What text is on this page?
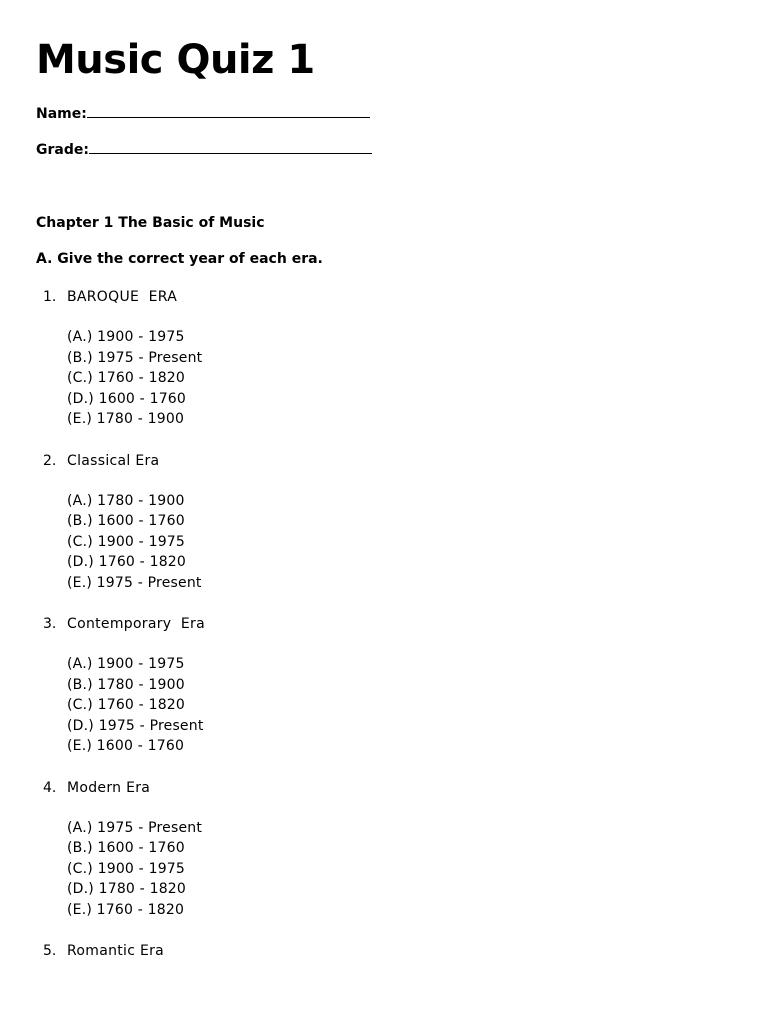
Music Quiz 1
Name:
Grade:
Chapter 1 The Basic of Music
A. Give the correct year of each era.
1. BAROQUE  ERA
(A.) 1900 - 1975
(B.) 1975 - Present
(C.) 1760 - 1820
(D.) 1600 - 1760
(E.) 1780 - 1900
2. Classical Era
(A.) 1780 - 1900
(B.) 1600 - 1760
(C.) 1900 - 1975
(D.) 1760 - 1820
(E.) 1975 - Present
3. Contemporary  Era
(A.) 1900 - 1975
(B.) 1780 - 1900
(C.) 1760 - 1820
(D.) 1975 - Present
(E.) 1600 - 1760
4. Modern Era
(A.) 1975 - Present
(B.) 1600 - 1760
(C.) 1900 - 1975
(D.) 1780 - 1820
(E.) 1760 - 1820
5. Romantic Era
